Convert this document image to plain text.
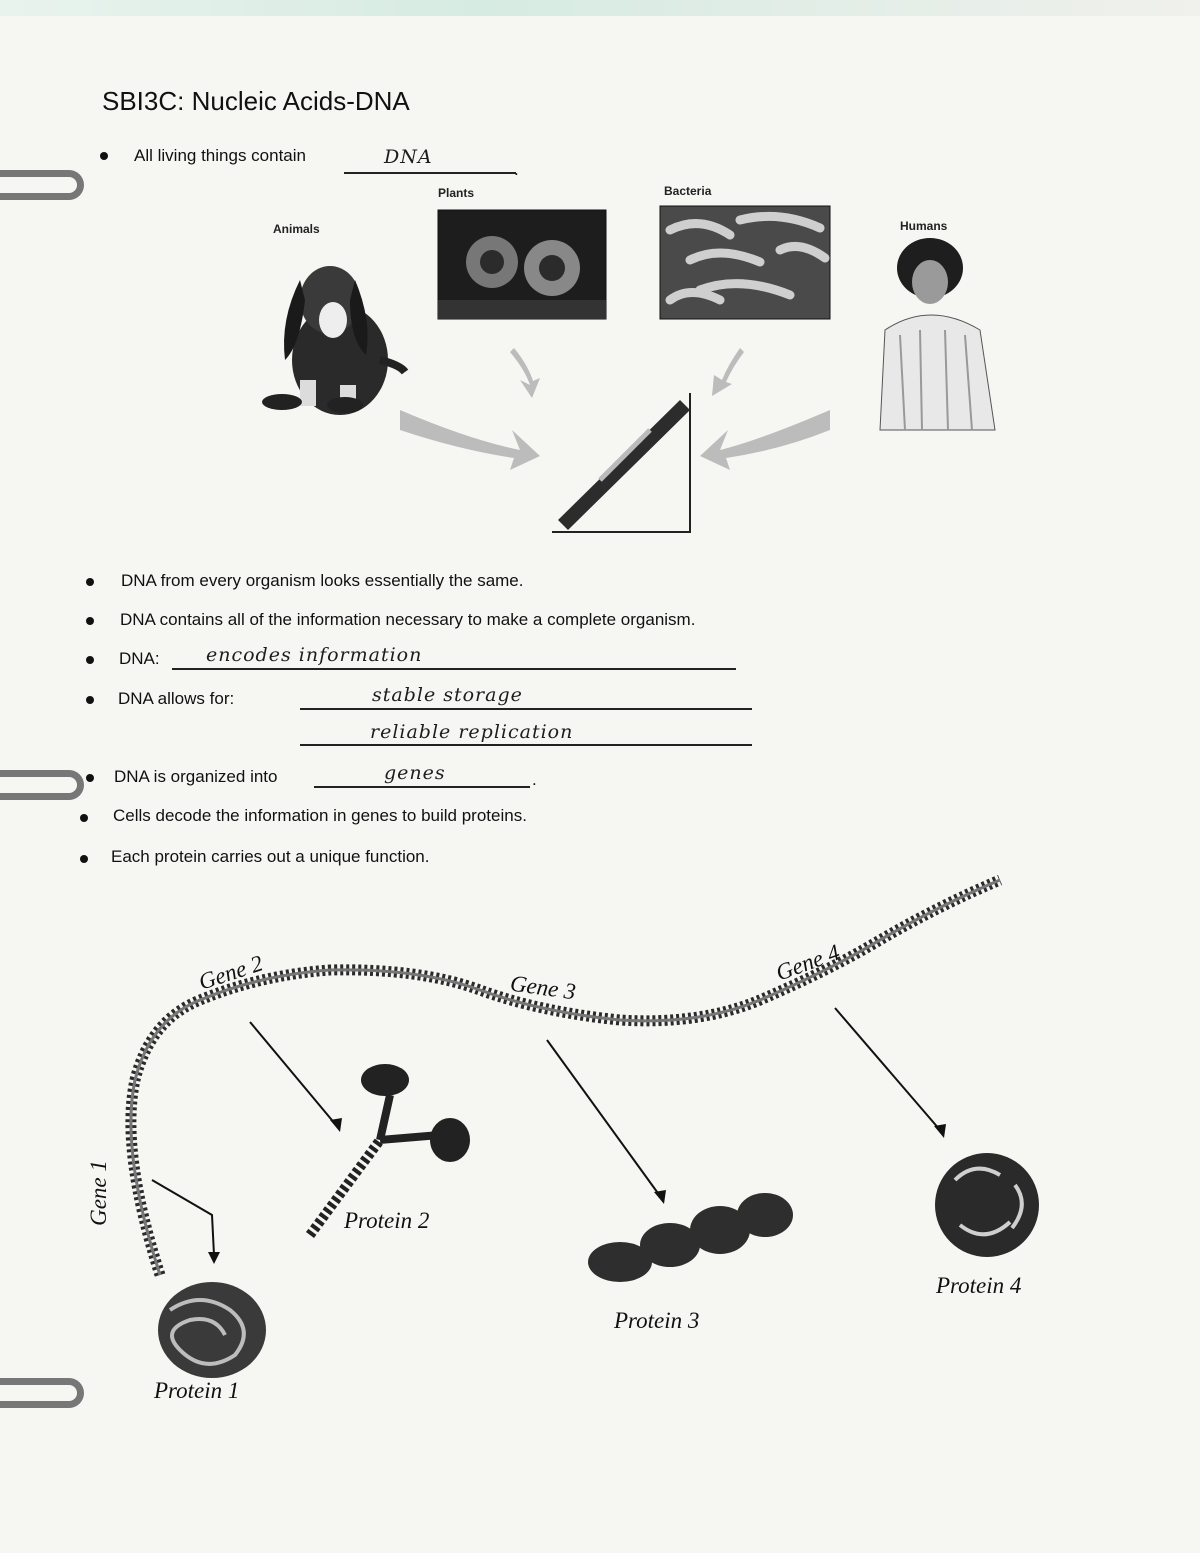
SBI3C: Nucleic Acids-DNA
All living things contain	DNA
.
Animals
Plants	Bacteria
Humans
DNA from every organism looks essentially the same.
DNA contains all of the information necessary to make a complete organism.
DNA: encodes information
DNA allows for:	stable storage
reliable replication
DNA is organized into	genes	.
Cells decode the information in genes to build proteins.
Each protein carries out a unique function.
Gene 2	Gene 3
Gene 4
Gene 1
Protein 1
Protein 2
Protein 3
Protein 4
